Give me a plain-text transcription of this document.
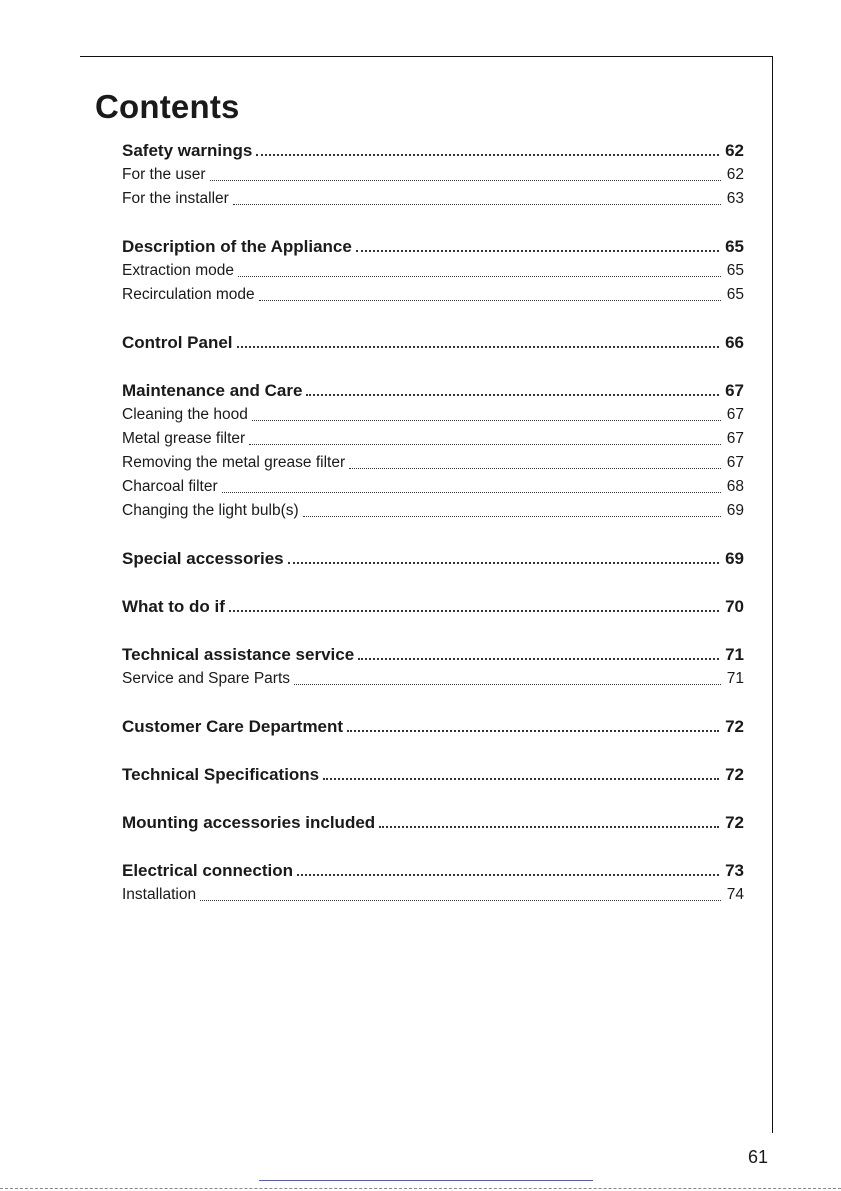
Contents
Safety warnings	62
For the user	62
For the installer	63
Description of the Appliance	65
Extraction mode	65
Recirculation mode	65
Control Panel	66
Maintenance and Care	67
Cleaning the hood	67
Metal grease filter	67
Removing the metal grease filter	67
Charcoal filter	68
Changing the light bulb(s)	69
Special accessories	69
What to do if	70
Technical assistance service	71
Service and Spare Parts	71
Customer Care Department	72
Technical Specifications	72
Mounting accessories included	72
Electrical connection	73
Installation	74
61
